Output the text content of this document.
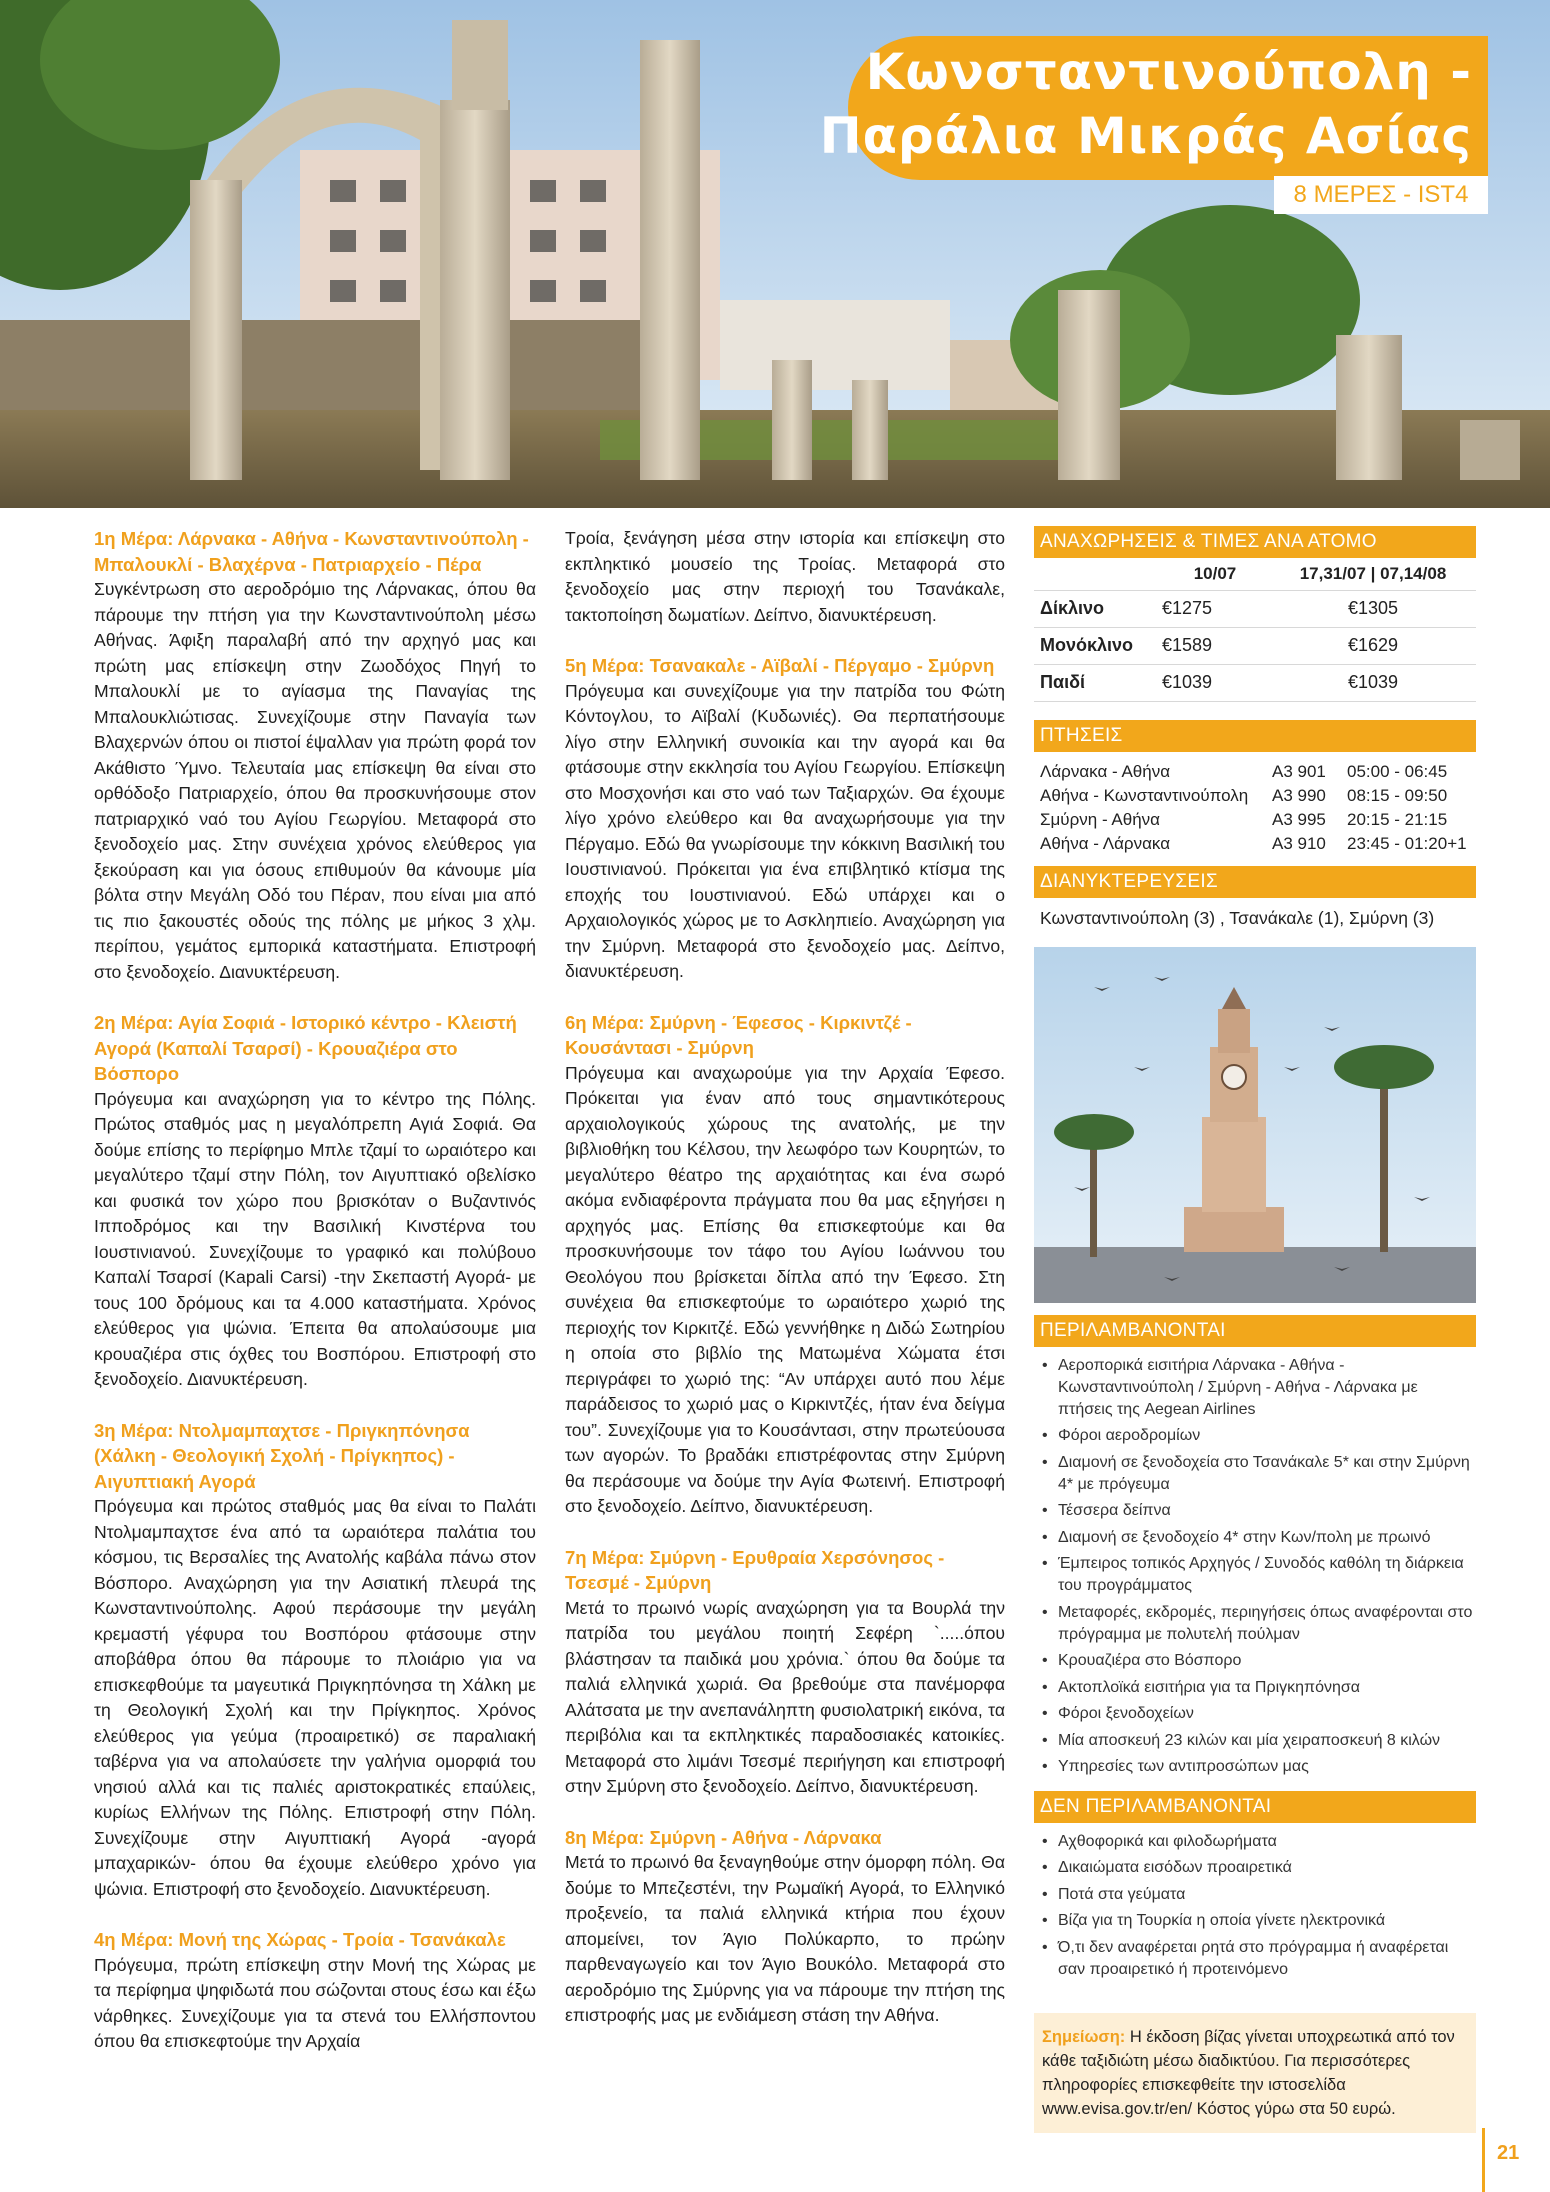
Κωνσταντινούπολη -
Παράλια Μικράς Ασίας
8 ΜΕΡΕΣ - IST4
1η Μέρα: Λάρνακα - Αθήνα - Κωνσταντινούπολη - Μπαλουκλί - Βλαχέρνα - Πατριαρχείο - Πέρα
Συγκέντρωση στο αεροδρόμιο της Λάρνακας, όπου θα πάρουμε την πτήση για την Κωνσταντινούπολη μέσω Αθήνας. Άφιξη παραλαβή από την αρχηγό μας και πρώτη μας επίσκεψη στην Ζωοδόχος Πηγή το Μπαλουκλί με το αγίασμα της Παναγίας της Μπαλουκλιώτισας. Συνεχίζουμε στην Παναγία των Βλαχερνών όπου οι πιστοί έψαλλαν για πρώτη φορά τον Ακάθιστο Ύμνο. Τελευταία μας επίσκεψη θα είναι στο ορθόδοξο Πατριαρχείο, όπου θα προσκυνήσουμε στον πατριαρχικό ναό του Αγίου Γεωργίου. Μεταφορά στο ξενοδοχείο μας. Στην συνέχεια χρόνος ελεύθερος για ξεκούραση και για όσους επιθυμούν θα κάνουμε μία βόλτα στην Μεγάλη Οδό του Πέραν, που είναι μια από τις πιο ξακουστές οδούς της πόλης με μήκος 3 χλμ. περίπου, γεμάτος εμπορικά καταστήματα. Επιστροφή στο ξενοδοχείο. Διανυκτέρευση.
2η Μέρα: Αγία Σοφιά - Ιστορικό κέντρο - Κλειστή Αγορά (Καπαλί Τσαρσί) - Κρουαζιέρα στο Βόσπορο
Πρόγευμα και αναχώρηση για το κέντρο της Πόλης. Πρώτος σταθμός μας η μεγαλόπρεπη Αγιά Σοφιά. Θα δούμε επίσης το περίφημο Μπλε τζαμί το ωραιότερο και μεγαλύτερο τζαμί στην Πόλη, τον Αιγυπτιακό οβελίσκο και φυσικά τον χώρο που βρισκόταν ο Βυζαντινός Ιπποδρόμος και την Βασιλική Κινστέρνα του Ιουστινιανού. Συνεχίζουμε το γραφικό και πολύβουο Καπαλί Τσαρσί (Kapali Carsi) -την Σκεπαστή Αγορά- με τους 100 δρόμους και τα 4.000 καταστήματα. Χρόνος ελεύθερος για ψώνια. Έπειτα θα απολαύσουμε μια κρουαζιέρα στις όχθες του Βοσπόρου. Επιστροφή στο ξενοδοχείο. Διανυκτέρευση.
3η Μέρα: Ντολμαμπαχτσε - Πριγκηπόνησα (Χάλκη - Θεολογική Σχολή - Πρίγκηπος) - Αιγυπτιακή Αγορά
Πρόγευμα και πρώτος σταθμός μας θα είναι το Παλάτι Ντολμαμπαχτσε ένα από τα ωραιότερα παλάτια του κόσμου, τις Βερσαλίες της Ανατολής καβάλα πάνω στον Βόσπορο. Αναχώρηση για την Ασιατική πλευρά της Κωνσταντινούπολης. Αφού περάσουμε την μεγάλη κρεμαστή γέφυρα του Βοσπόρου φτάσουμε στην αποβάθρα όπου θα πάρουμε το πλοιάριο για να επισκεφθούμε τα μαγευτικά Πριγκηπόνησα τη Χάλκη με τη Θεολογική Σχολή και την Πρίγκηπος. Χρόνος ελεύθερος για γεύμα (προαιρετικό) σε παραλιακή ταβέρνα για να απολαύσετε την γαλήνια ομορφιά του νησιού αλλά και τις παλιές αριστοκρατικές επαύλεις, κυρίως Ελλήνων της Πόλης. Επιστροφή στην Πόλη. Συνεχίζουμε στην Αιγυπτιακή Αγορά -αγορά μπαχαρικών- όπου θα έχουμε ελεύθερο χρόνο για ψώνια. Επιστροφή στο ξενοδοχείο. Διανυκτέρευση.
4η Μέρα: Μονή της Χώρας - Τροία - Τσανάκαλε
Πρόγευμα, πρώτη επίσκεψη στην Μονή της Χώρας με τα περίφημα ψηφιδωτά που σώζονται στους έσω και έξω νάρθηκες. Συνεχίζουμε για τα στενά του Ελλήσποντου όπου θα επισκεφτούμε την Αρχαία
Τροία, ξενάγηση μέσα στην ιστορία και επίσκεψη στο εκπληκτικό μουσείο της Τροίας. Μεταφορά στο ξενοδοχείο μας στην περιοχή του Τσανάκαλε, τακτοποίηση δωματίων. Δείπνο, διανυκτέρευση.
5η Μέρα: Τσανακαλε - Αϊβαλί - Πέργαμο - Σμύρνη
Πρόγευμα και συνεχίζουμε για την πατρίδα του Φώτη Κόντογλου, το Αϊβαλί (Κυδωνιές). Θα περπατήσουμε λίγο στην Ελληνική συνοικία και την αγορά και θα φτάσουμε στην εκκλησία του Αγίου Γεωργίου. Επίσκεψη στο Μοσχονήσι και στο ναό των Ταξιαρχών. Θα έχουμε λίγο χρόνο ελεύθερο και θα αναχωρήσουμε για την Πέργαμο. Εδώ θα γνωρίσουμε την κόκκινη Βασιλική του Ιουστινιανού. Πρόκειται για ένα επιβλητικό κτίσμα της εποχής του Ιουστινιανού. Εδώ υπάρχει και ο Αρχαιολογικός χώρος με το Ασκληπιείο. Αναχώρηση για την Σμύρνη. Μεταφορά στο ξενοδοχείο μας. Δείπνο, διανυκτέρευση.
6η Μέρα: Σμύρνη - Έφεσος - Κιρκιντζέ - Κουσάντασι - Σμύρνη
Πρόγευμα και αναχωρούμε για την Αρχαία Έφεσο. Πρόκειται για έναν από τους σημαντικότερους αρχαιολογικούς χώρους της ανατολής, με την βιβλιοθήκη του Κέλσου, την λεωφόρο των Κουρητών, το μεγαλύτερο θέατρο της αρχαιότητας και ένα σωρό ακόμα ενδιαφέροντα πράγματα που θα μας εξηγήσει η αρχηγός μας. Επίσης θα επισκεφτούμε και θα προσκυνήσουμε τον τάφο του Αγίου Ιωάννου του Θεολόγου που βρίσκεται δίπλα από την Έφεσο. Στη συνέχεια θα επισκεφτούμε το ωραιότερο χωριό της περιοχής τον Κιρκιτζέ. Εδώ γεννήθηκε η Διδώ Σωτηρίου η οποία στο βιβλίο της Ματωμένα Χώματα έτσι περιγράφει το χωριό της: “Αν υπάρχει αυτό που λέμε παράδεισος το χωριό μας ο Κιρκιντζές, ήταν ένα δείγμα του”. Συνεχίζουμε για το Κουσάντασι, στην πρωτεύουσα των αγορών. Το βραδάκι επιστρέφοντας στην Σμύρνη θα περάσουμε να δούμε την Αγία Φωτεινή. Επιστροφή στο ξενοδοχείο. Δείπνο, διανυκτέρευση.
7η Μέρα: Σμύρνη - Ερυθραία Χερσόνησος - Τσεσμέ - Σμύρνη
Μετά το πρωινό νωρίς αναχώρηση για τα Βουρλά την πατρίδα του μεγάλου ποιητή Σεφέρη `.....όπου βλάστησαν τα παιδικά μου χρόνια.` όπου θα δούμε τα παλιά ελληνικά χωριά. Θα βρεθούμε στα πανέμορφα Αλάτσατα με την ανεπανάληπτη φυσιολατρική εικόνα, τα περιβόλια και τα εκπληκτικές παραδοσιακές κατοικίες. Μεταφορά στο λιμάνι Τσεσμέ περιήγηση και επιστροφή στην Σμύρνη στο ξενοδοχείο. Δείπνο, διανυκτέρευση.
8η Μέρα: Σμύρνη - Αθήνα - Λάρνακα
Μετά το πρωινό θα ξεναγηθούμε στην όμορφη πόλη. Θα δούμε το Μπεζεστένι, την Ρωμαϊκή Αγορά, το Ελληνικό προξενείο, τα παλιά ελληνικά κτήρια που έχουν απομείνει, τον Άγιο Πολύκαρπο, το πρώην παρθεναγωγείο και τον Άγιο Βουκόλο. Μεταφορά στο αεροδρόμιο της Σμύρνης για να πάρουμε την πτήση της επιστροφής μας με ενδιάμεση στάση την Αθήνα.
ΑΝΑΧΩΡΗΣΕΙΣ & ΤΙΜΕΣ ΑΝΑ ΑΤΟΜΟ
	10/07	17,31/07 | 07,14/08
Δίκλινο	€1275	€1305
Μονόκλινο	€1589	€1629
Παιδί	€1039	€1039
ΠΤΗΣΕΙΣ
Λάρνακα - Αθήνα	A3 901	05:00 - 06:45
Αθήνα - Κωνσταντινούπολη	A3 990	08:15 - 09:50
Σμύρνη - Αθήνα	A3 995	20:15 - 21:15
Αθήνα - Λάρνακα	A3 910	23:45 - 01:20+1
ΔΙΑΝΥΚΤΕΡΕΥΣΕΙΣ
Κωνσταντινούπολη (3) , Τσανάκαλε (1), Σμύρνη (3)
ΠΕΡΙΛΑΜΒΑΝΟΝΤΑΙ
• Αεροπορικά εισιτήρια Λάρνακα - Αθήνα - Κωνσταντινούπολη / Σμύρνη - Αθήνα - Λάρνακα με πτήσεις της Aegean Airlines
• Φόροι αεροδρομίων
• Διαμονή σε ξενοδοχεία στο Τσανάκαλε 5* και στην Σμύρνη 4* με πρόγευμα
• Τέσσερα δείπνα
• Διαμονή σε ξενοδοχείο 4* στην Κων/πολη με πρωινό
• Έμπειρος τοπικός Αρχηγός / Συνοδός καθόλη τη διάρκεια του προγράμματος
• Μεταφορές, εκδρομές, περιηγήσεις όπως αναφέρονται στο πρόγραμμα με πολυτελή πούλμαν
• Κρουαζιέρα στο Βόσπορο
• Ακτοπλοϊκά εισιτήρια για τα Πριγκηπόνησα
• Φόροι ξενοδοχείων
• Μία αποσκευή 23 κιλών και μία χειραποσκευή 8 κιλών
• Υπηρεσίες των αντιπροσώπων μας
ΔΕΝ ΠΕΡΙΛΑΜΒΑΝΟΝΤΑΙ
• Αχθοφορικά και φιλοδωρήματα
• Δικαιώματα εισόδων προαιρετικά
• Ποτά στα γεύματα
• Βίζα για τη Τουρκία η οποία γίνετε ηλεκτρονικά
• Ό,τι δεν αναφέρεται ρητά στο πρόγραμμα ή αναφέρεται σαν προαιρετικό ή προτεινόμενο
Σημείωση: Η έκδοση βίζας γίνεται υποχρεωτικά από τον κάθε ταξιδιώτη μέσω διαδικτύου. Για περισσότερες πληροφορίες επισκεφθείτε την ιστοσελίδα www.evisa.gov.tr/en/ Κόστος γύρω στα 50 ευρώ.
21
